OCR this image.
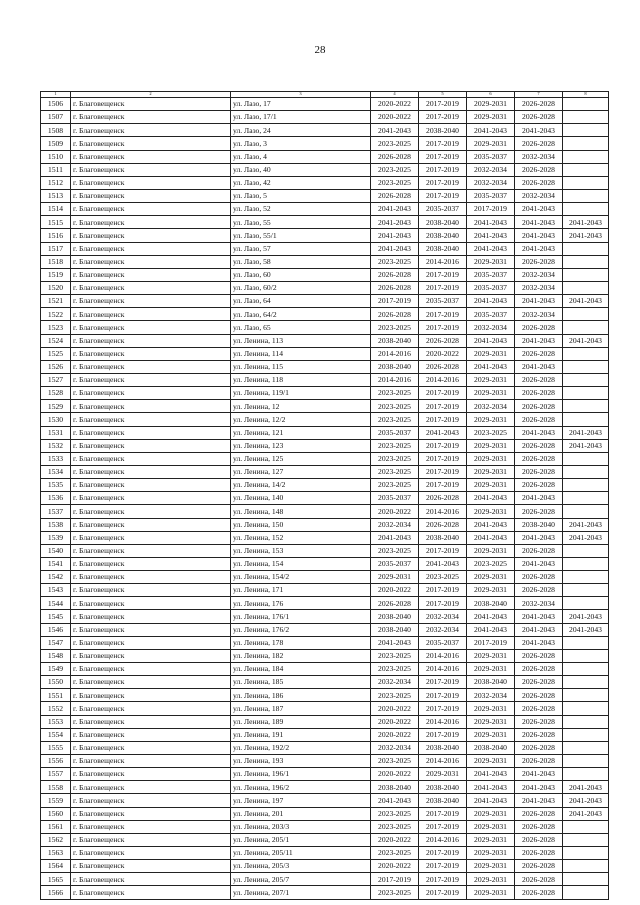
28
1	2	3	4	5	6	7	8
1506	г. Благовещенск	ул. Лазо, 17	2020-2022	2017-2019	2029-2031	2026-2028	
1507	г. Благовещенск	ул. Лазо, 17/1	2020-2022	2017-2019	2029-2031	2026-2028	
1508	г. Благовещенск	ул. Лазо, 24	2041-2043	2038-2040	2041-2043	2041-2043	
1509	г. Благовещенск	ул. Лазо, 3	2023-2025	2017-2019	2029-2031	2026-2028	
1510	г. Благовещенск	ул. Лазо, 4	2026-2028	2017-2019	2035-2037	2032-2034	
1511	г. Благовещенск	ул. Лазо, 40	2023-2025	2017-2019	2032-2034	2026-2028	
1512	г. Благовещенск	ул. Лазо, 42	2023-2025	2017-2019	2032-2034	2026-2028	
1513	г. Благовещенск	ул. Лазо, 5	2026-2028	2017-2019	2035-2037	2032-2034	
1514	г. Благовещенск	ул. Лазо, 52	2041-2043	2035-2037	2017-2019	2041-2043	
1515	г. Благовещенск	ул. Лазо, 55	2041-2043	2038-2040	2041-2043	2041-2043	2041-2043
1516	г. Благовещенск	ул. Лазо, 55/1	2041-2043	2038-2040	2041-2043	2041-2043	2041-2043
1517	г. Благовещенск	ул. Лазо, 57	2041-2043	2038-2040	2041-2043	2041-2043	
1518	г. Благовещенск	ул. Лазо, 58	2023-2025	2014-2016	2029-2031	2026-2028	
1519	г. Благовещенск	ул. Лазо, 60	2026-2028	2017-2019	2035-2037	2032-2034	
1520	г. Благовещенск	ул. Лазо, 60/2	2026-2028	2017-2019	2035-2037	2032-2034	
1521	г. Благовещенск	ул. Лазо, 64	2017-2019	2035-2037	2041-2043	2041-2043	2041-2043
1522	г. Благовещенск	ул. Лазо, 64/2	2026-2028	2017-2019	2035-2037	2032-2034	
1523	г. Благовещенск	ул. Лазо, 65	2023-2025	2017-2019	2032-2034	2026-2028	
1524	г. Благовещенск	ул. Ленина, 113	2038-2040	2026-2028	2041-2043	2041-2043	2041-2043
1525	г. Благовещенск	ул. Ленина, 114	2014-2016	2020-2022	2029-2031	2026-2028	
1526	г. Благовещенск	ул. Ленина, 115	2038-2040	2026-2028	2041-2043	2041-2043	
1527	г. Благовещенск	ул. Ленина, 118	2014-2016	2014-2016	2029-2031	2026-2028	
1528	г. Благовещенск	ул. Ленина, 119/1	2023-2025	2017-2019	2029-2031	2026-2028	
1529	г. Благовещенск	ул. Ленина, 12	2023-2025	2017-2019	2032-2034	2026-2028	
1530	г. Благовещенск	ул. Ленина, 12/2	2023-2025	2017-2019	2029-2031	2026-2028	
1531	г. Благовещенск	ул. Ленина, 121	2035-2037	2041-2043	2023-2025	2041-2043	2041-2043
1532	г. Благовещенск	ул. Ленина, 123	2023-2025	2017-2019	2029-2031	2026-2028	2041-2043
1533	г. Благовещенск	ул. Ленина, 125	2023-2025	2017-2019	2029-2031	2026-2028	
1534	г. Благовещенск	ул. Ленина, 127	2023-2025	2017-2019	2029-2031	2026-2028	
1535	г. Благовещенск	ул. Ленина, 14/2	2023-2025	2017-2019	2029-2031	2026-2028	
1536	г. Благовещенск	ул. Ленина, 140	2035-2037	2026-2028	2041-2043	2041-2043	
1537	г. Благовещенск	ул. Ленина, 148	2020-2022	2014-2016	2029-2031	2026-2028	
1538	г. Благовещенск	ул. Ленина, 150	2032-2034	2026-2028	2041-2043	2038-2040	2041-2043
1539	г. Благовещенск	ул. Ленина, 152	2041-2043	2038-2040	2041-2043	2041-2043	2041-2043
1540	г. Благовещенск	ул. Ленина, 153	2023-2025	2017-2019	2029-2031	2026-2028	
1541	г. Благовещенск	ул. Ленина, 154	2035-2037	2041-2043	2023-2025	2041-2043	
1542	г. Благовещенск	ул. Ленина, 154/2	2029-2031	2023-2025	2029-2031	2026-2028	
1543	г. Благовещенск	ул. Ленина, 171	2020-2022	2017-2019	2029-2031	2026-2028	
1544	г. Благовещенск	ул. Ленина, 176	2026-2028	2017-2019	2038-2040	2032-2034	
1545	г. Благовещенск	ул. Ленина, 176/1	2038-2040	2032-2034	2041-2043	2041-2043	2041-2043
1546	г. Благовещенск	ул. Ленина, 176/2	2038-2040	2032-2034	2041-2043	2041-2043	2041-2043
1547	г. Благовещенск	ул. Ленина, 178	2041-2043	2035-2037	2017-2019	2041-2043	
1548	г. Благовещенск	ул. Ленина, 182	2023-2025	2014-2016	2029-2031	2026-2028	
1549	г. Благовещенск	ул. Ленина, 184	2023-2025	2014-2016	2029-2031	2026-2028	
1550	г. Благовещенск	ул. Ленина, 185	2032-2034	2017-2019	2038-2040	2026-2028	
1551	г. Благовещенск	ул. Ленина, 186	2023-2025	2017-2019	2032-2034	2026-2028	
1552	г. Благовещенск	ул. Ленина, 187	2020-2022	2017-2019	2029-2031	2026-2028	
1553	г. Благовещенск	ул. Ленина, 189	2020-2022	2014-2016	2029-2031	2026-2028	
1554	г. Благовещенск	ул. Ленина, 191	2020-2022	2017-2019	2029-2031	2026-2028	
1555	г. Благовещенск	ул. Ленина, 192/2	2032-2034	2038-2040	2038-2040	2026-2028	
1556	г. Благовещенск	ул. Ленина, 193	2023-2025	2014-2016	2029-2031	2026-2028	
1557	г. Благовещенск	ул. Ленина, 196/1	2020-2022	2029-2031	2041-2043	2041-2043	
1558	г. Благовещенск	ул. Ленина, 196/2	2038-2040	2038-2040	2041-2043	2041-2043	2041-2043
1559	г. Благовещенск	ул. Ленина, 197	2041-2043	2038-2040	2041-2043	2041-2043	2041-2043
1560	г. Благовещенск	ул. Ленина, 201	2023-2025	2017-2019	2029-2031	2026-2028	2041-2043
1561	г. Благовещенск	ул. Ленина, 203/3	2023-2025	2017-2019	2029-2031	2026-2028	
1562	г. Благовещенск	ул. Ленина, 205/1	2020-2022	2014-2016	2029-2031	2026-2028	
1563	г. Благовещенск	ул. Ленина, 205/11	2023-2025	2017-2019	2029-2031	2026-2028	
1564	г. Благовещенск	ул. Ленина, 205/3	2020-2022	2017-2019	2029-2031	2026-2028	
1565	г. Благовещенск	ул. Ленина, 205/7	2017-2019	2017-2019	2029-2031	2026-2028	
1566	г. Благовещенск	ул. Ленина, 207/1	2023-2025	2017-2019	2029-2031	2026-2028	
